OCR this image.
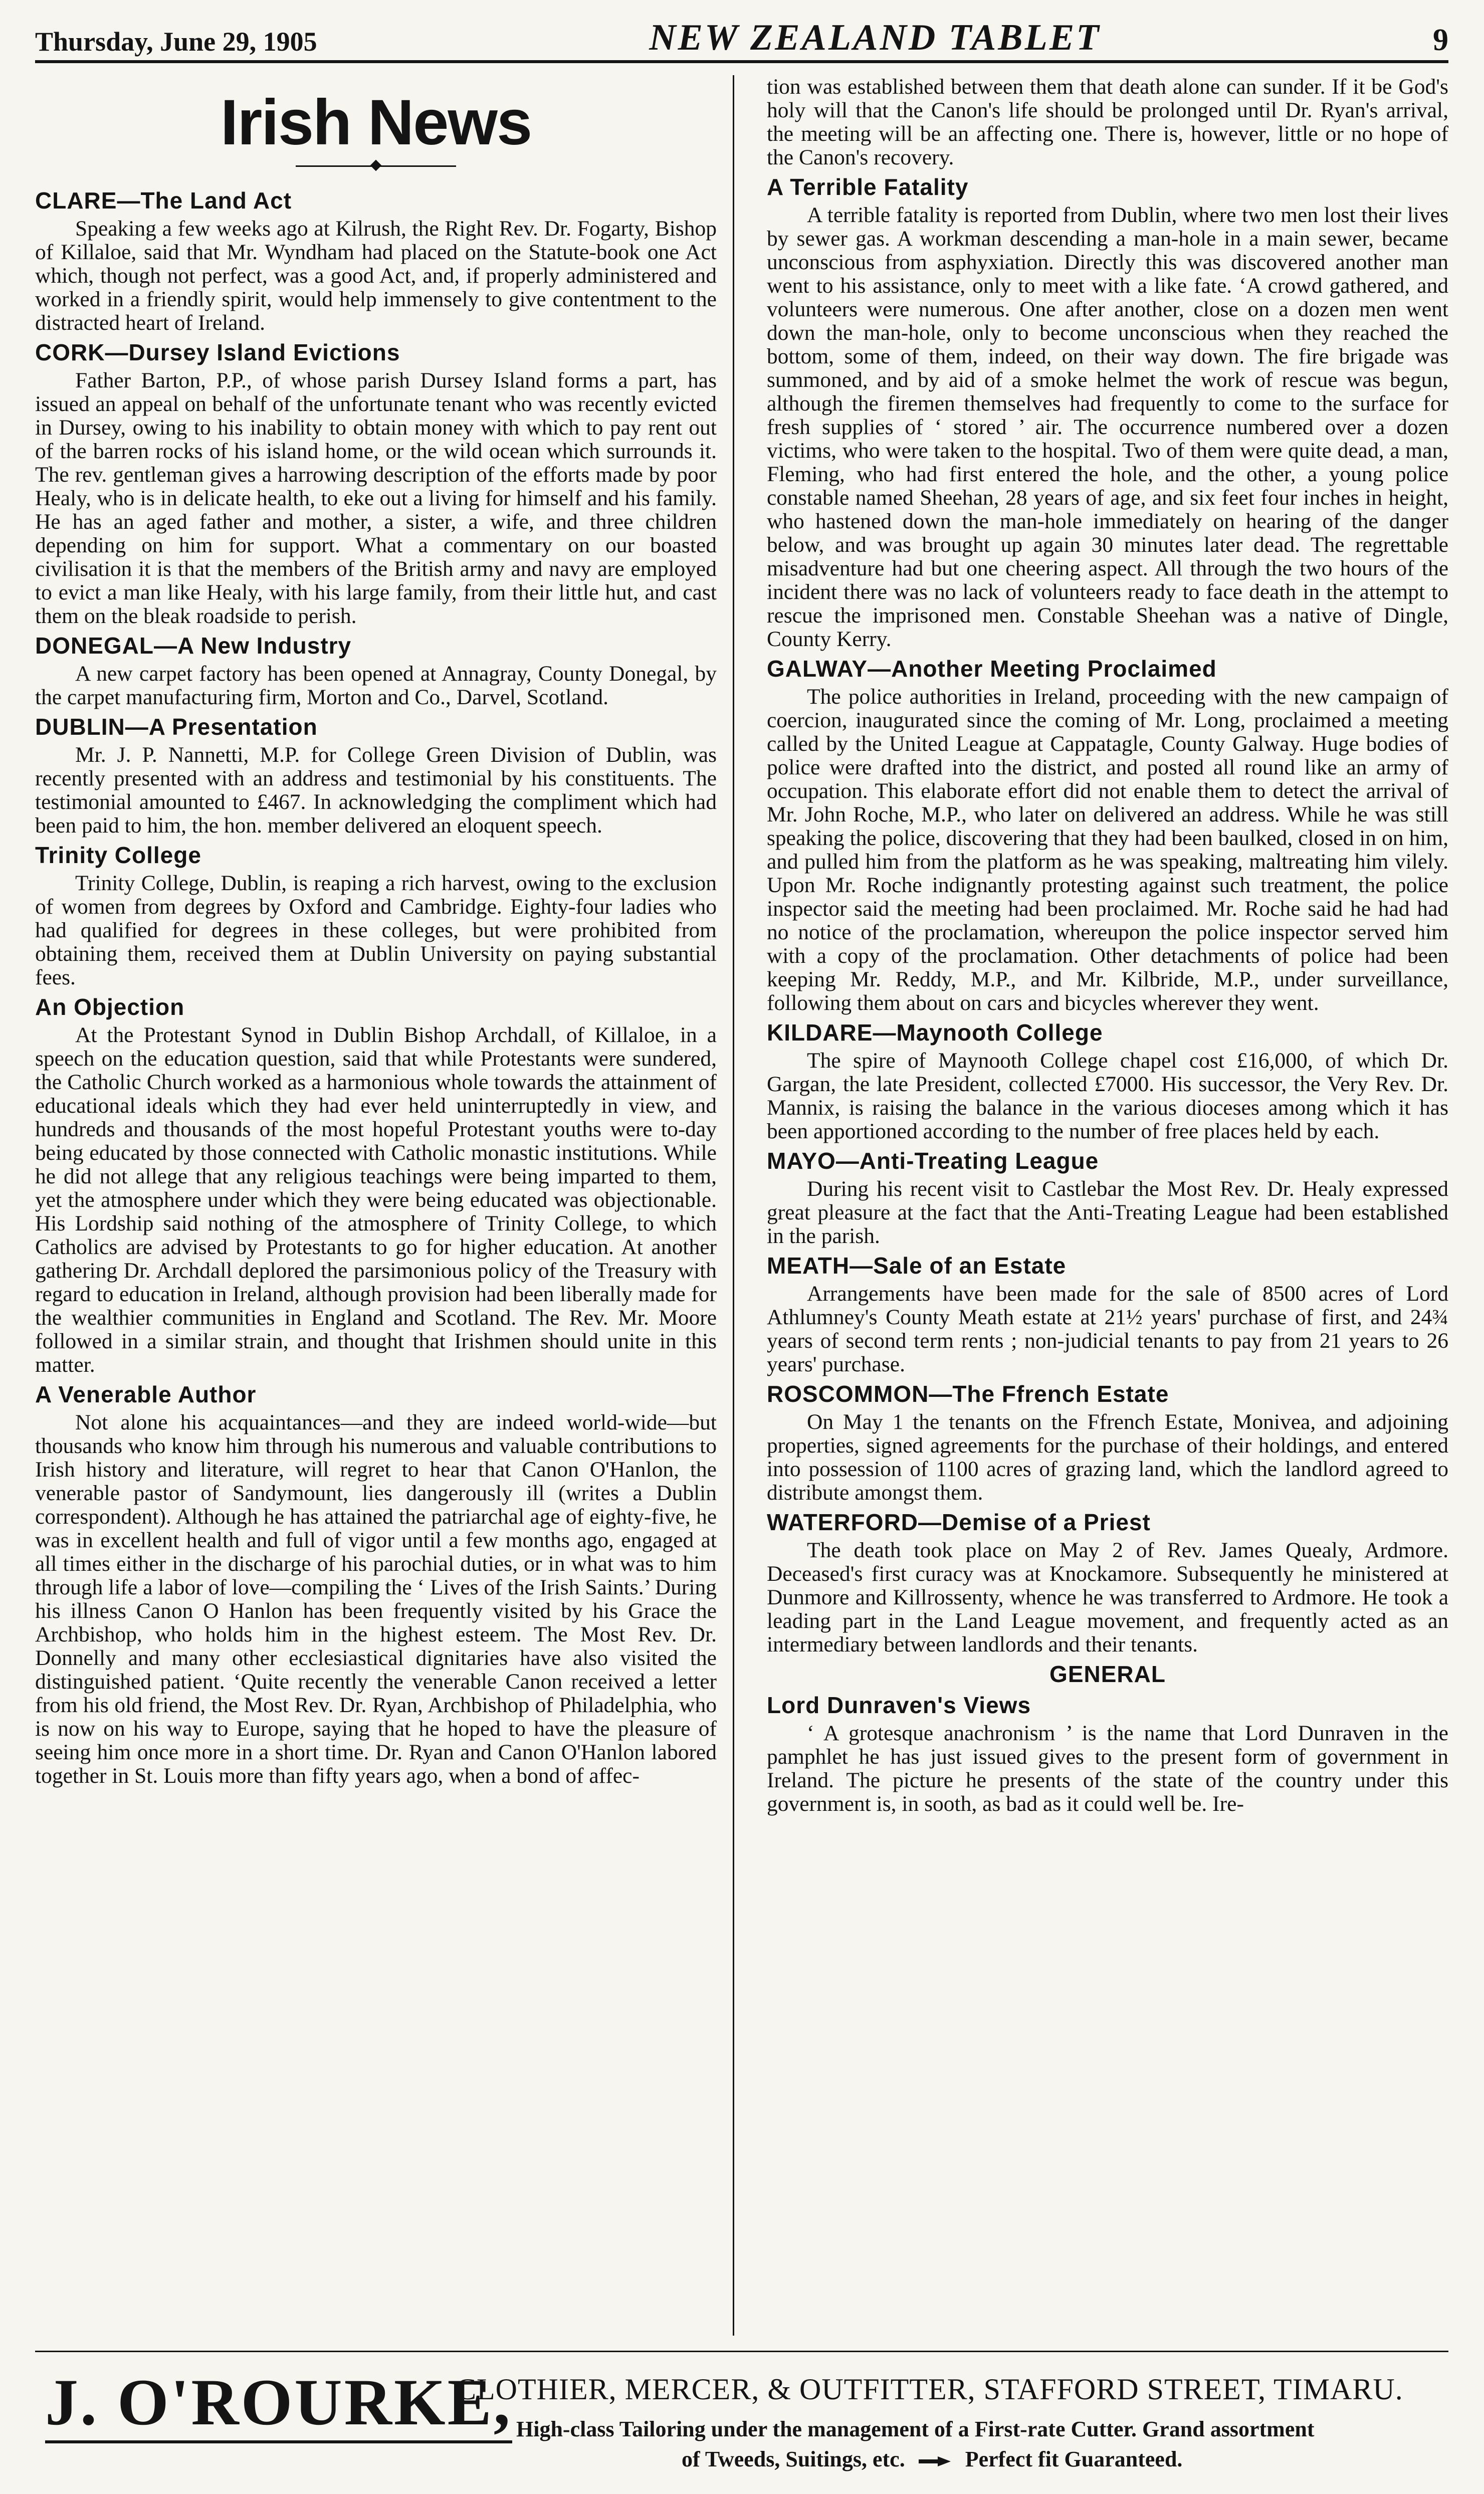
Thursday, June 29, 1905	NEW ZEALAND TABLET	9
Irish News
CLARE—The Land Act

Speaking a few weeks ago at Kilrush, the Right Rev. Dr. Fogarty, Bishop of Killaloe, said that Mr. Wyndham had placed on the Statute-book one Act which, though not perfect, was a good Act, and, if properly administered and worked in a friendly spirit, would help immensely to give contentment to the distracted heart of Ireland.

CORK—Dursey Island Evictions

Father Barton, P.P., of whose parish Dursey Island forms a part, has issued an appeal on behalf of the unfortunate tenant who was recently evicted in Dursey, owing to his inability to obtain money with which to pay rent out of the barren rocks of his island home, or the wild ocean which surrounds it. The rev. gentleman gives a harrowing description of the efforts made by poor Healy, who is in delicate health, to eke out a living for himself and his family. He has an aged father and mother, a sister, a wife, and three children depending on him for support. What a commentary on our boasted civilisation it is that the members of the British army and navy are employed to evict a man like Healy, with his large family, from their little hut, and cast them on the bleak roadside to perish.

DONEGAL—A New Industry

A new carpet factory has been opened at Annagray, County Donegal, by the carpet manufacturing firm, Morton and Co., Darvel, Scotland.

DUBLIN—A Presentation

Mr. J. P. Nannetti, M.P. for College Green Division of Dublin, was recently presented with an address and testimonial by his constituents. The testimonial amounted to £467. In acknowledging the compliment which had been paid to him, the hon. member delivered an eloquent speech.

Trinity College

Trinity College, Dublin, is reaping a rich harvest, owing to the exclusion of women from degrees by Oxford and Cambridge. Eighty-four ladies who had qualified for degrees in these colleges, but were prohibited from obtaining them, received them at Dublin University on paying substantial fees.

An Objection

At the Protestant Synod in Dublin Bishop Archdall, of Killaloe, in a speech on the education question, said that while Protestants were sundered, the Catholic Church worked as a harmonious whole towards the attainment of educational ideals which they had ever held uninterruptedly in view, and hundreds and thousands of the most hopeful Protestant youths were to-day being educated by those connected with Catholic monastic institutions. While he did not allege that any religious teachings were being imparted to them, yet the atmosphere under which they were being educated was objectionable. His Lordship said nothing of the atmosphere of Trinity College, to which Catholics are advised by Protestants to go for higher education. At another gathering Dr. Archdall deplored the parsimonious policy of the Treasury with regard to education in Ireland, although provision had been liberally made for the wealthier communities in England and Scotland. The Rev. Mr. Moore followed in a similar strain, and thought that Irishmen should unite in this matter.

A Venerable Author

Not alone his acquaintances—and they are indeed world-wide—but thousands who know him through his numerous and valuable contributions to Irish history and literature, will regret to hear that Canon O'Hanlon, the venerable pastor of Sandymount, lies dangerously ill (writes a Dublin correspondent). Although he has attained the patriarchal age of eighty-five, he was in excellent health and full of vigor until a few months ago, engaged at all times either in the discharge of his parochial duties, or in what was to him through life a labor of love—compiling the ‘ Lives of the Irish Saints.’ During his illness Canon O Hanlon has been frequently visited by his Grace the Archbishop, who holds him in the highest esteem. The Most Rev. Dr. Donnelly and many other ecclesiastical dignitaries have also visited the distinguished patient. ‘Quite recently the venerable Canon received a letter from his old friend, the Most Rev. Dr. Ryan, Archbishop of Philadelphia, who is now on his way to Europe, saying that he hoped to have the pleasure of seeing him once more in a short time. Dr. Ryan and Canon O'Hanlon labored together in St. Louis more than fifty years ago, when a bond of affec-

tion was established between them that death alone can sunder. If it be God's holy will that the Canon's life should be prolonged until Dr. Ryan's arrival, the meeting will be an affecting one. There is, however, little or no hope of the Canon's recovery.

A Terrible Fatality

A terrible fatality is reported from Dublin, where two men lost their lives by sewer gas. A workman descending a man-hole in a main sewer, became unconscious from asphyxiation. Directly this was discovered another man went to his assistance, only to meet with a like fate. ‘A crowd gathered, and volunteers were numerous. One after another, close on a dozen men went down the man-hole, only to become unconscious when they reached the bottom, some of them, indeed, on their way down. The fire brigade was summoned, and by aid of a smoke helmet the work of rescue was begun, although the firemen themselves had frequently to come to the surface for fresh supplies of ‘ stored ’ air. The occurrence numbered over a dozen victims, who were taken to the hospital. Two of them were quite dead, a man, Fleming, who had first entered the hole, and the other, a young police constable named Sheehan, 28 years of age, and six feet four inches in height, who hastened down the man-hole immediately on hearing of the danger below, and was brought up again 30 minutes later dead. The regrettable misadventure had but one cheering aspect. All through the two hours of the incident there was no lack of volunteers ready to face death in the attempt to rescue the imprisoned men. Constable Sheehan was a native of Dingle, County Kerry.

GALWAY—Another Meeting Proclaimed

The police authorities in Ireland, proceeding with the new campaign of coercion, inaugurated since the coming of Mr. Long, proclaimed a meeting called by the United League at Cappatagle, County Galway. Huge bodies of police were drafted into the district, and posted all round like an army of occupation. This elaborate effort did not enable them to detect the arrival of Mr. John Roche, M.P., who later on delivered an address. While he was still speaking the police, discovering that they had been baulked, closed in on him, and pulled him from the platform as he was speaking, maltreating him vilely. Upon Mr. Roche indignantly protesting against such treatment, the police inspector said the meeting had been proclaimed. Mr. Roche said he had had no notice of the proclamation, whereupon the police inspector served him with a copy of the proclamation. Other detachments of police had been keeping Mr. Reddy, M.P., and Mr. Kilbride, M.P., under surveillance, following them about on cars and bicycles wherever they went.

KILDARE—Maynooth College

The spire of Maynooth College chapel cost £16,000, of which Dr. Gargan, the late President, collected £7000. His successor, the Very Rev. Dr. Mannix, is raising the balance in the various dioceses among which it has been apportioned according to the number of free places held by each.

MAYO—Anti-Treating League

During his recent visit to Castlebar the Most Rev. Dr. Healy expressed great pleasure at the fact that the Anti-Treating League had been established in the parish.

MEATH—Sale of an Estate

Arrangements have been made for the sale of 8500 acres of Lord Athlumney's County Meath estate at 21½ years' purchase of first, and 24¾ years of second term rents ; non-judicial tenants to pay from 21 years to 26 years' purchase.

ROSCOMMON—The Ffrench Estate

On May 1 the tenants on the Ffrench Estate, Monivea, and adjoining properties, signed agreements for the purchase of their holdings, and entered into possession of 1100 acres of grazing land, which the landlord agreed to distribute amongst them.

WATERFORD—Demise of a Priest

The death took place on May 2 of Rev. James Quealy, Ardmore. Deceased's first curacy was at Knockamore. Subsequently he ministered at Dunmore and Killrossenty, whence he was transferred to Ardmore. He took a leading part in the Land League movement, and frequently acted as an intermediary between landlords and their tenants.

GENERAL
Lord Dunraven's Views

‘ A grotesque anachronism ’ is the name that Lord Dunraven in the pamphlet he has just issued gives to the present form of government in Ireland. The picture he presents of the state of the country under this government is, in sooth, as bad as it could well be. Ire-

J. O'ROURKE,
CLOTHIER, MERCER, & OUTFITTER, STAFFORD STREET, TIMARU.
High-class Tailoring under the management of a First-rate Cutter. Grand assortment
of Tweeds, Suitings, etc.	Perfect fit Guaranteed.
